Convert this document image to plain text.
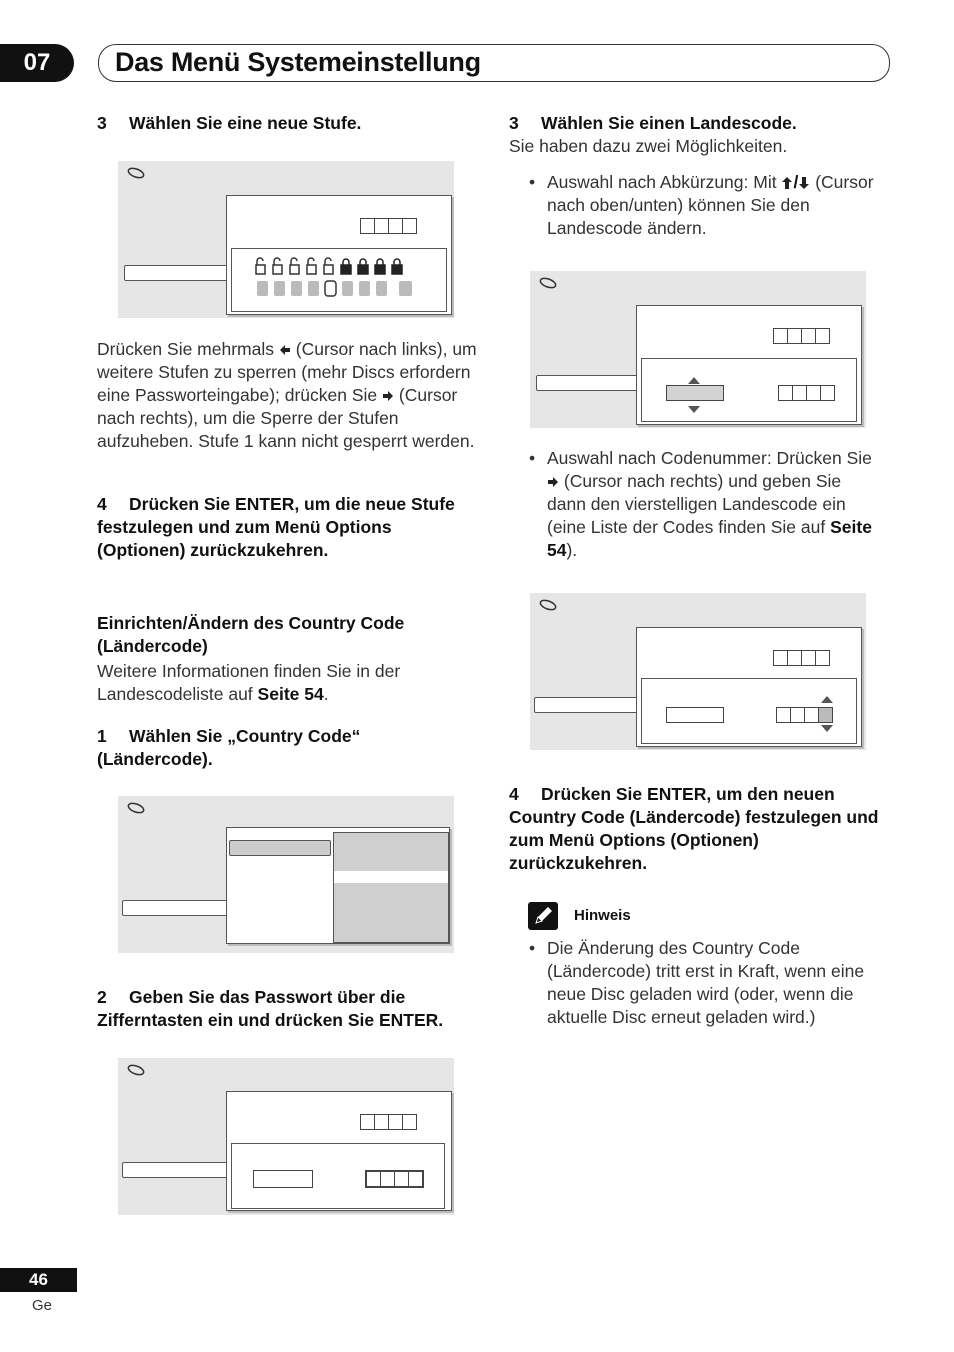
07	Das Menü Systemeinstellung
3 Wählen Sie eine neue Stufe.
Drücken Sie mehrmals (Cursor nach links), um weitere Stufen zu sperren (mehr Discs erfordern eine Passworteingabe); drücken Sie (Cursor nach rechts), um die Sperre der Stufen aufzuheben. Stufe 1 kann nicht gesperrt werden.
4 Drücken Sie ENTER, um die neue Stufe festzulegen und zum Menü Options (Optionen) zurückzukehren.
Einrichten/Ändern des Country Code (Ländercode)
Weitere Informationen finden Sie in der Landescodeliste auf Seite 54.
1 Wählen Sie „Country Code“ (Ländercode).
2 Geben Sie das Passwort über die Zifferntasten ein und drücken Sie ENTER.
3 Wählen Sie einen Landescode.
Sie haben dazu zwei Möglichkeiten.
• Auswahl nach Abkürzung: Mit / (Cursor nach oben/unten) können Sie den Landescode ändern.
• Auswahl nach Codenummer: Drücken Sie  (Cursor nach rechts) und geben Sie dann den vierstelligen Landescode ein (eine Liste der Codes finden Sie auf Seite 54).
4 Drücken Sie ENTER, um den neuen Country Code (Ländercode) festzulegen und zum Menü Options (Optionen) zurückzukehren.
Hinweis
• Die Änderung des Country Code (Ländercode) tritt erst in Kraft, wenn eine neue Disc geladen wird (oder, wenn die aktuelle Disc erneut geladen wird.)
46
Ge
